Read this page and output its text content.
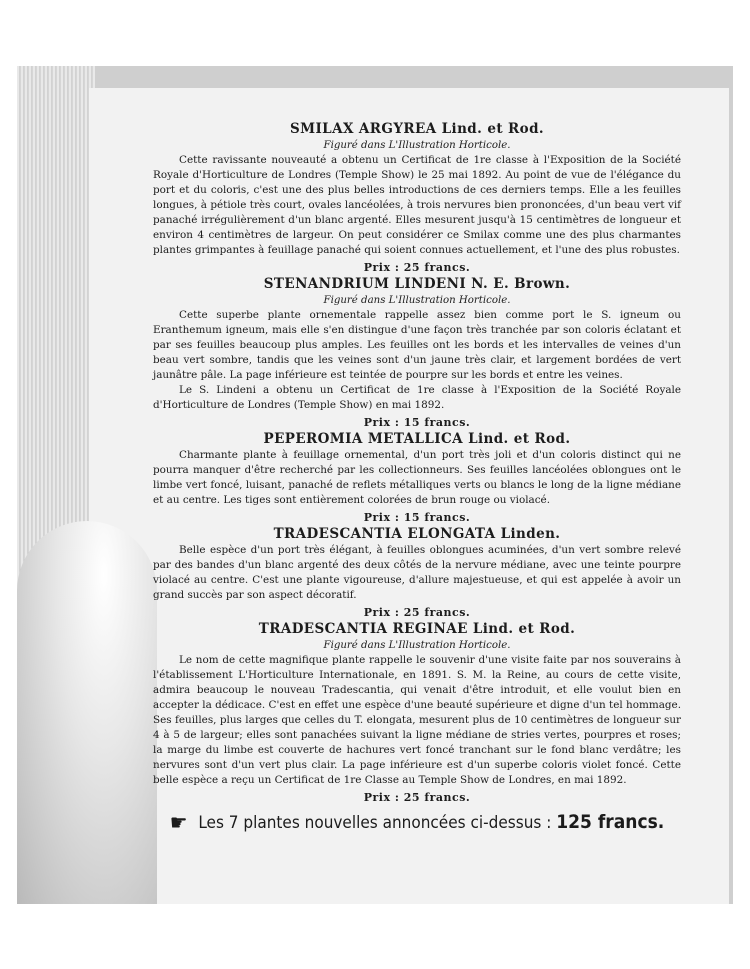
SMILAX ARGYREA Lind. et Rod.

Figuré dans L'Illustration Horticole.

Cette ravissante nouveauté a obtenu un Certificat de 1re classe à l'Exposition de la Société Royale d'Horticulture de Londres (Temple Show) le 25 mai 1892. Au point de vue de l'élégance du port et du coloris, c'est une des plus belles introductions de ces derniers temps. Elle a les feuilles longues, à pétiole très court, ovales lancéolées, à trois nervures bien prononcées, d'un beau vert vif panaché irrégulièrement d'un blanc argenté. Elles mesurent jusqu'à 15 centimètres de longueur et environ 4 centimètres de largeur. On peut considérer ce Smilax comme une des plus charmantes plantes grimpantes à feuillage panaché qui soient connues actuellement, et l'une des plus robustes.

Prix : 25 francs.

STENANDRIUM LINDENI N. E. Brown.

Figuré dans L'Illustration Horticole.

Cette superbe plante ornementale rappelle assez bien comme port le S. igneum ou Eranthemum igneum, mais elle s'en distingue d'une façon très tranchée par son coloris éclatant et par ses feuilles beaucoup plus amples. Les feuilles ont les bords et les intervalles de veines d'un beau vert sombre, tandis que les veines sont d'un jaune très clair, et largement bordées de vert jaunâtre pâle. La page inférieure est teintée de pourpre sur les bords et entre les veines.

Le S. Lindeni a obtenu un Certificat de 1re classe à l'Exposition de la Société Royale d'Horticulture de Londres (Temple Show) en mai 1892.

Prix : 15 francs.

PEPEROMIA METALLICA Lind. et Rod.

Charmante plante à feuillage ornemental, d'un port très joli et d'un coloris distinct qui ne pourra manquer d'être recherché par les collectionneurs. Ses feuilles lancéolées oblongues ont le limbe vert foncé, luisant, panaché de reflets métalliques verts ou blancs le long de la ligne médiane et au centre. Les tiges sont entièrement colorées de brun rouge ou violacé.

Prix : 15 francs.

TRADESCANTIA ELONGATA Linden.

Belle espèce d'un port très élégant, à feuilles oblongues acuminées, d'un vert sombre relevé par des bandes d'un blanc argenté des deux côtés de la nervure médiane, avec une teinte pourpre violacé au centre. C'est une plante vigoureuse, d'allure majestueuse, et qui est appelée à avoir un grand succès par son aspect décoratif.

Prix : 25 francs.

TRADESCANTIA REGINAE Lind. et Rod.

Figuré dans L'Illustration Horticole.

Le nom de cette magnifique plante rappelle le souvenir d'une visite faite par nos souverains à l'établissement L'Horticulture Internationale, en 1891. S. M. la Reine, au cours de cette visite, admira beaucoup le nouveau Tradescantia, qui venait d'être introduit, et elle voulut bien en accepter la dédicace. C'est en effet une espèce d'une beauté supérieure et digne d'un tel hommage. Ses feuilles, plus larges que celles du T. elongata, mesurent plus de 10 centimètres de longueur sur 4 à 5 de largeur; elles sont panachées suivant la ligne médiane de stries vertes, pourpres et roses; la marge du limbe est couverte de hachures vert foncé tranchant sur le fond blanc verdâtre; les nervures sont d'un vert plus clair. La page inférieure est d'un superbe coloris violet foncé. Cette belle espèce a reçu un Certificat de 1re Classe au Temple Show de Londres, en mai 1892.

Prix : 25 francs.

☛ Les 7 plantes nouvelles annoncées ci-dessus : 125 francs.
